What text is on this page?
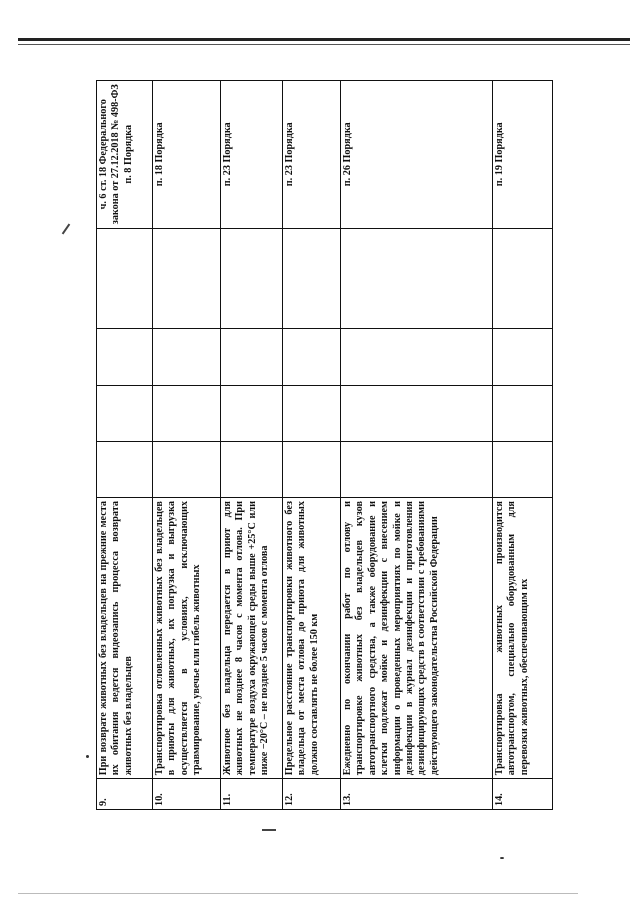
9.	При возврате животных без владельцев на прежние места их обитания ведется видеозапись процесса возврата животных без владельцев					ч. 6 ст. 18 Федерального закона от 27.12.2018 № 498-ФЗ п. 8 Порядка
10.	Транспортировка отловленных животных без владельцев в приюты для животных, их погрузка и выгрузка осуществляется в условиях, исключающих травмирование, увечье или гибель животных					п. 18 Порядка
11.	Животное без владельца передается в приют для животных не позднее 8 часов с момента отлова. При температуре воздуха окружающей среды выше +25°С или ниже −20°С – не позднее 5 часов с момента отлова					п. 23 Порядка
12.	Предельное расстояние транспортировки животного без владельца от места отлова до приюта для животных должно составлять не более 150 км					п. 23 Порядка
13.	Ежедневно по окончании работ по отлову и транспортировке животных без владельцев кузов автотранспортного средства, а также оборудование и клетки подлежат мойке и дезинфекции с внесением информации о проведенных мероприятиях по мойке и дезинфекции в журнал дезинфекции и приготовления дезинфицирующих средств в соответствии с требованиями действующего законодательства Российской Федерации					п. 26 Порядка
14.	Транспортировка животных производится автотранспортом, специально оборудованным для перевозки животных, обеспечивающим их					п. 19 Порядка
